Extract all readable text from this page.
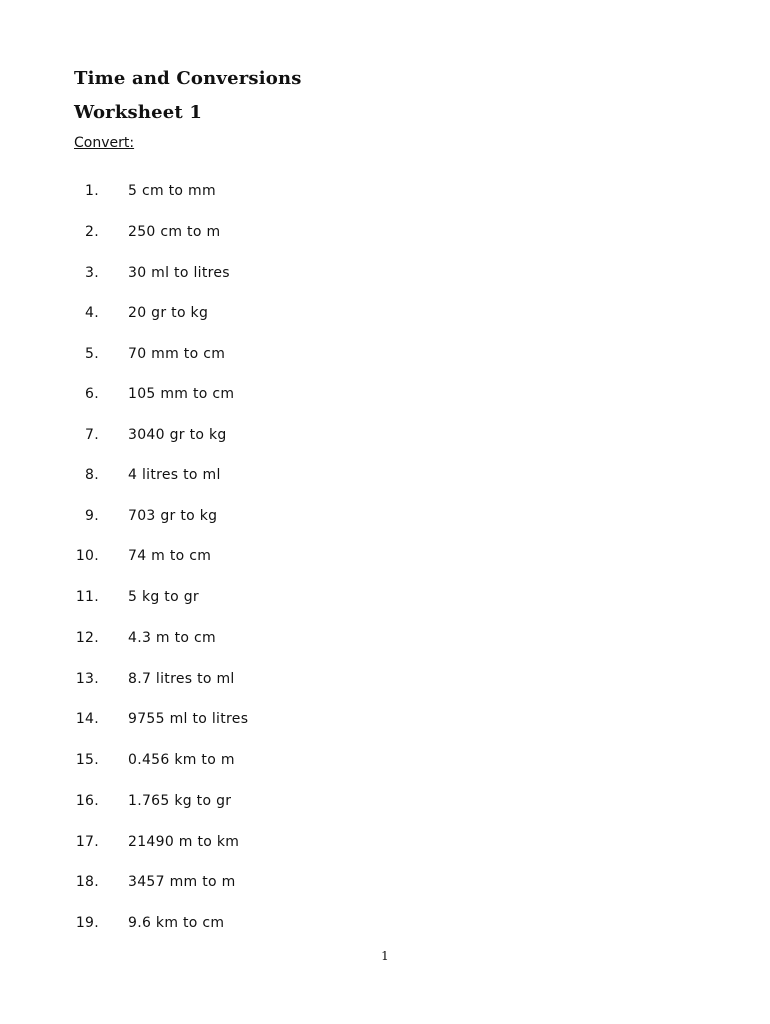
Time and Conversions
Worksheet 1

Convert:

1. 5 cm to mm
2. 250 cm to m
3. 30 ml to litres
4. 20 gr to kg
5. 70 mm to cm
6. 105 mm to cm
7. 3040 gr to kg
8. 4 litres to ml
9. 703 gr to kg
10. 74 m to cm
11. 5 kg to gr
12. 4.3 m to cm
13. 8.7 litres to ml
14. 9755 ml to litres
15. 0.456 km to m
16. 1.765 kg to gr
17. 21490 m to km
18. 3457 mm to m
19. 9.6 km to cm
1
